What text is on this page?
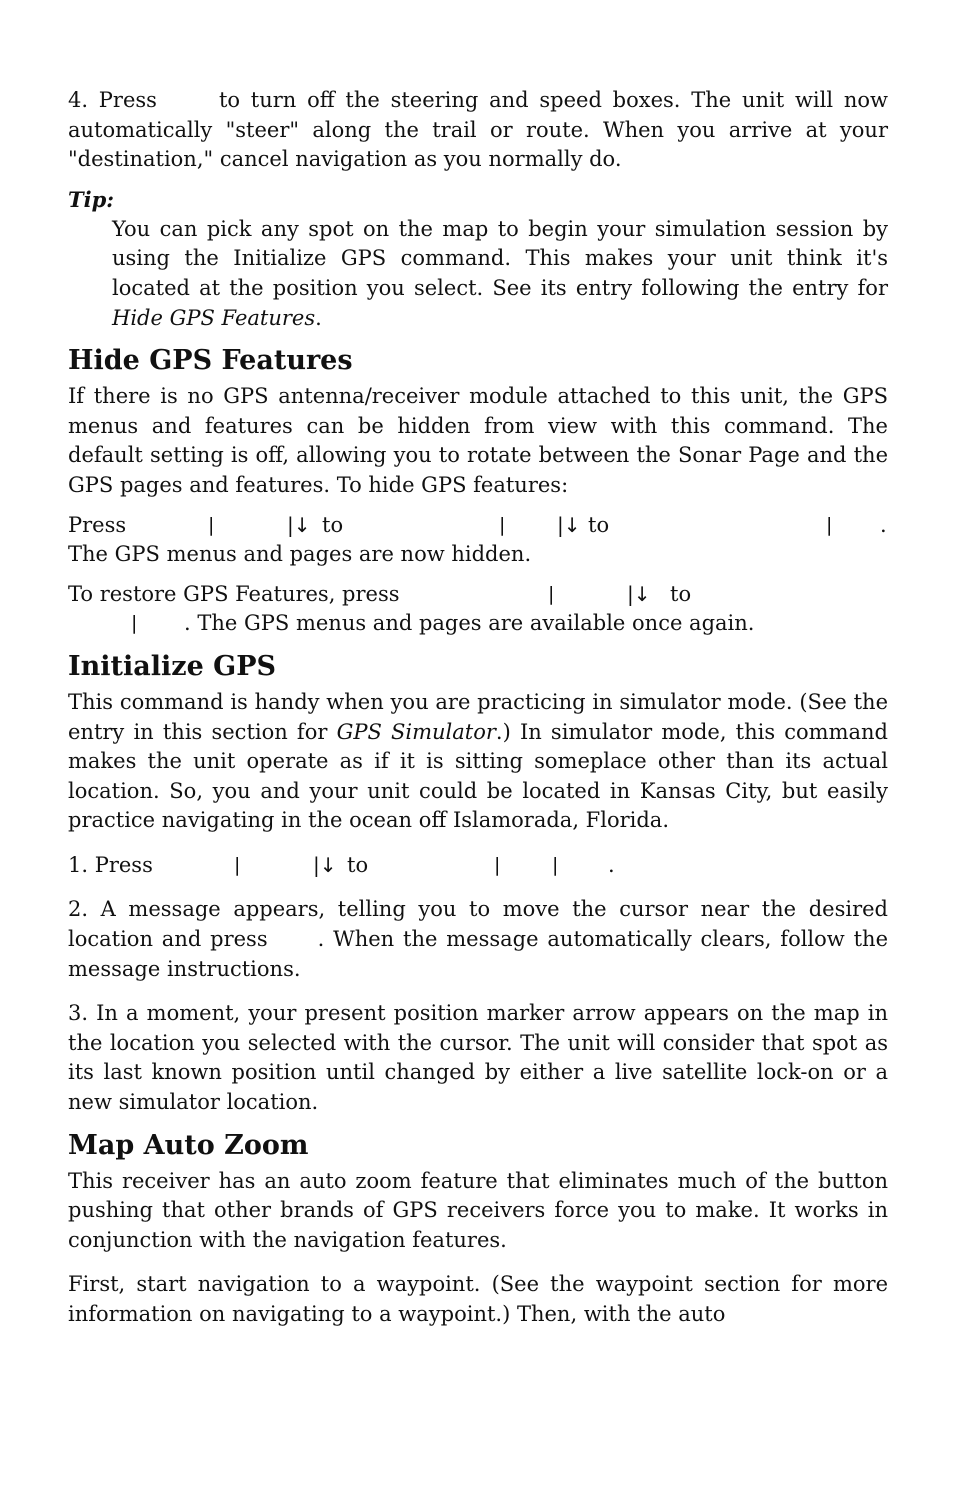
4. Press	to turn off the steering and speed boxes. The unit will now automatically "steer" along the trail or route. When you arrive at your "destination," cancel navigation as you normally do.

Tip:

You can pick any spot on the map to begin your simulation session by using the Initialize GPS command. This makes your unit think it's located at the position you select. See its entry following the entry for Hide GPS Features.

Hide GPS Features

If there is no GPS antenna/receiver module attached to this unit, the GPS menus and features can be hidden from view with this command. The default setting is off, allowing you to rotate between the Sonar Page and the GPS pages and features. To hide GPS features:

Press	|	|↓ to	|	|↓ to	| .

The GPS menus and pages are now hidden.

To restore GPS Features, press	|	|↓ to
| . The GPS menus and pages are available once again.
Initialize GPS

This command is handy when you are practicing in simulator mode. (See the entry in this section for GPS Simulator.) In simulator mode, this command makes the unit operate as if it is sitting someplace other than its actual location. So, you and your unit could be located in Kansas City, but easily practice navigating in the ocean off Islamorada, Florida.

1. Press	|	|↓ to	|	| .

2. A message appears, telling you to move the cursor near the desired location and press . When the message automatically clears, follow the message instructions.

3. In a moment, your present position marker arrow appears on the map in the location you selected with the cursor. The unit will consider that spot as its last known position until changed by either a live satellite lock-on or a new simulator location.

Map Auto Zoom

This receiver has an auto zoom feature that eliminates much of the button pushing that other brands of GPS receivers force you to make. It works in conjunction with the navigation features.

First, start navigation to a waypoint. (See the waypoint section for more information on navigating to a waypoint.) Then, with the auto
